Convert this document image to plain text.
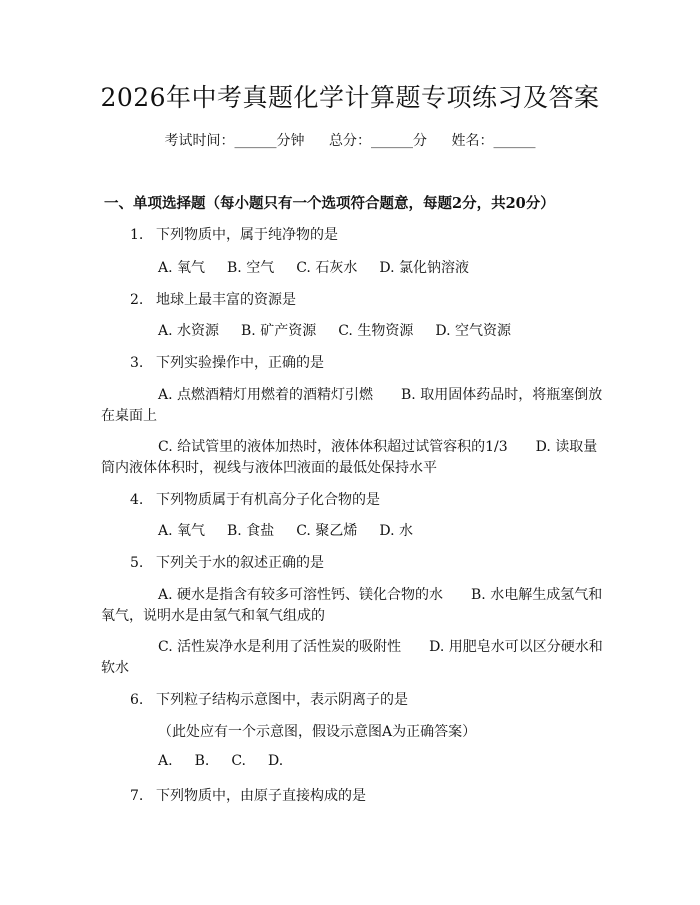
2026年中考真题化学计算题专项练习及答案
考试时间：______分钟 总分：______分 姓名：______
一、单项选择题（每小题只有一个选项符合题意，每题2分，共20分）
1. 下列物质中，属于纯净物的是
A. 氧气 B. 空气 C. 石灰水 D. 氯化钠溶液
2. 地球上最丰富的资源是
A. 水资源 B. 矿产资源 C. 生物资源 D. 空气资源
3. 下列实验操作中，正确的是
A. 点燃酒精灯用燃着的酒精灯引燃　　B. 取用固体药品时，将瓶塞倒放
在桌面上
C. 给试管里的液体加热时，液体体积超过试管容积的1/3　　D. 读取量
筒内液体体积时，视线与液体凹液面的最低处保持水平
4. 下列物质属于有机高分子化合物的是
A. 氧气 B. 食盐 C. 聚乙烯 D. 水
5. 下列关于水的叙述正确的是
A. 硬水是指含有较多可溶性钙、镁化合物的水　　B. 水电解生成氢气和
氧气，说明水是由氢气和氧气组成的
C. 活性炭净水是利用了活性炭的吸附性　　D. 用肥皂水可以区分硬水和
软水
6. 下列粒子结构示意图中，表示阴离子的是
（此处应有一个示意图，假设示意图A为正确答案）
A. B. C. D.
7. 下列物质中，由原子直接构成的是
